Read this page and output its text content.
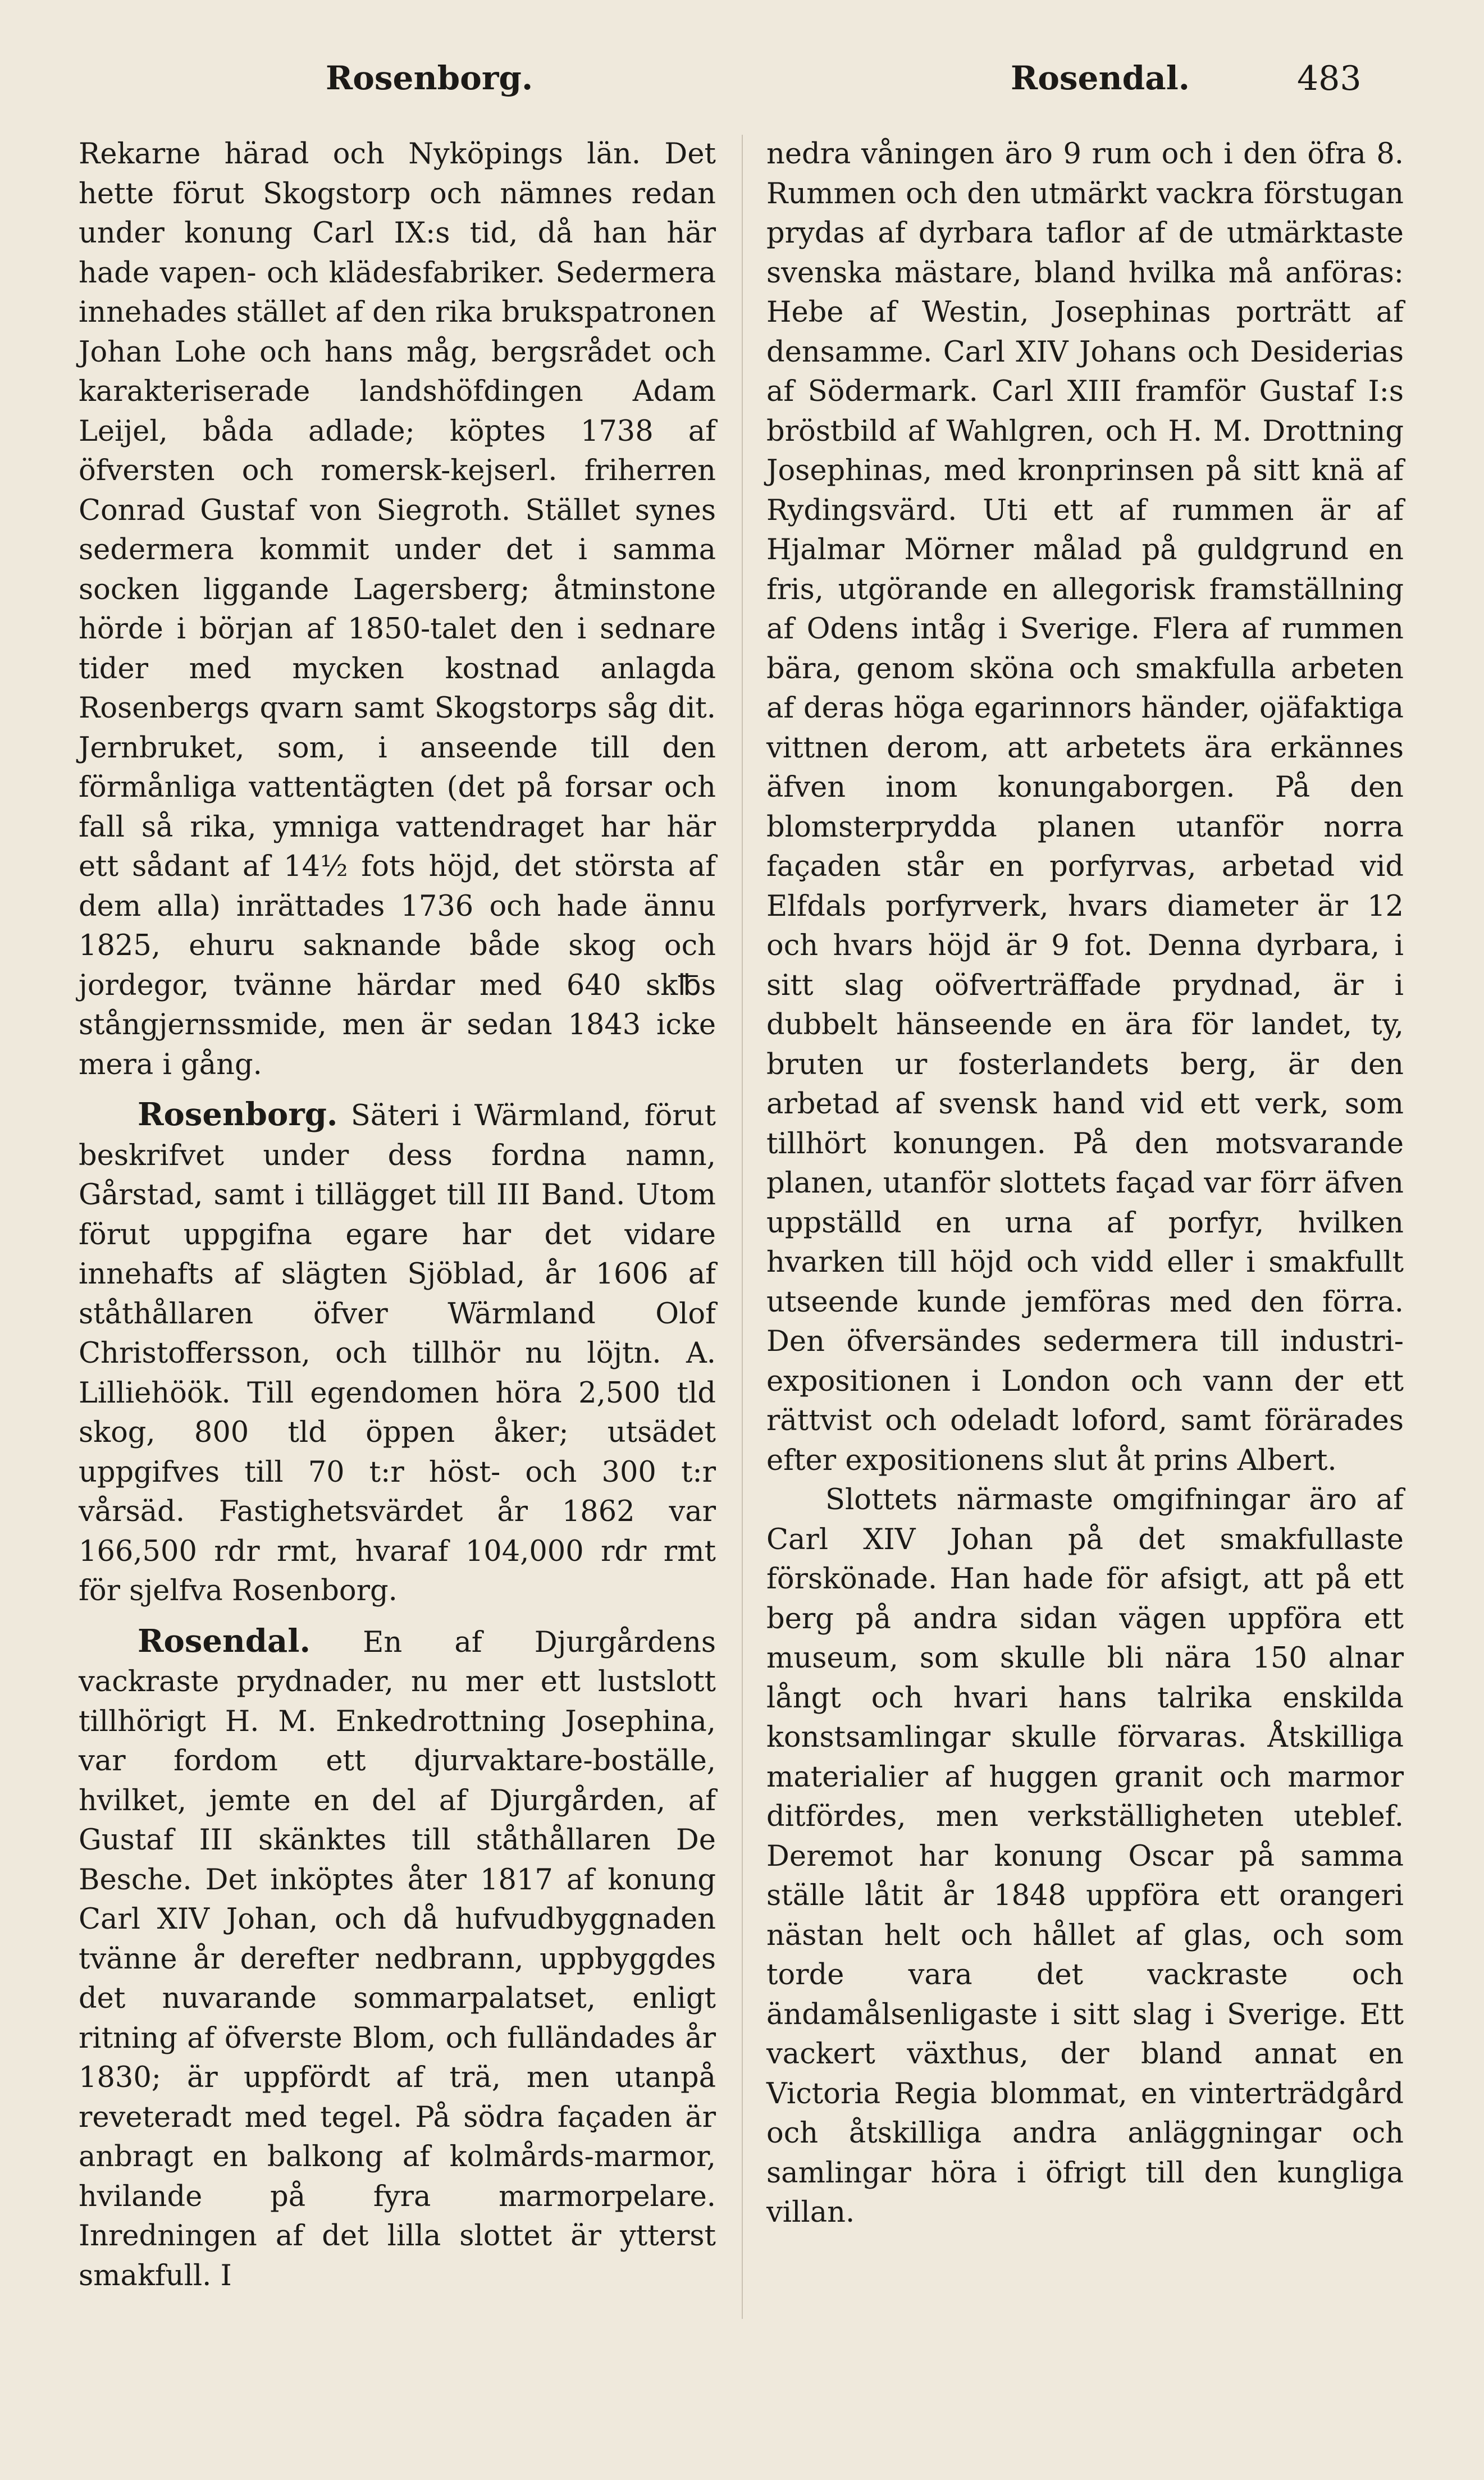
Rosenborg.	Rosendal.	483

Rekarne härad och Nyköpings län. Det hette förut Skogstorp och nämnes redan under konung Carl IX:s tid, då han här hade vapen- och klädesfabriker. Sedermera innehades stället af den rika brukspatronen Johan Lohe och hans måg, bergsrådet och karakteriserade landshöfdingen Adam Leijel, båda adlade; köptes 1738 af öfversten och romersk-kejserl. friherren Conrad Gustaf von Siegroth. Stället synes sedermera kommit under det i samma socken liggande Lagersberg; åtminstone hörde i början af 1850-talet den i sednare tider med mycken kostnad anlagda Rosenbergs qvarn samt Skogstorps såg dit. Jernbruket, som, i anseende till den förmånliga vattentägten (det på forsar och fall så rika, ymniga vattendraget har här ett sådant af 14½ fots höjd, det största af dem alla) inrättades 1736 och hade ännu 1825, ehuru saknande både skog och jordegor, tvänne härdar med 640 sk℔s stångjernssmide, men är sedan 1843 icke mera i gång.

Rosenborg. Säteri i Wärmland, förut beskrifvet under dess fordna namn, Gårstad, samt i tillägget till III Band. Utom förut uppgifna egare har det vidare innehafts af slägten Sjöblad, år 1606 af ståthållaren öfver Wärmland Olof Christoffersson, och tillhör nu löjtn. A. Lilliehöök. Till egendomen höra 2,500 tld skog, 800 tld öppen åker; utsädet uppgifves till 70 t:r höst- och 300 t:r vårsäd. Fastighetsvärdet år 1862 var 166,500 rdr rmt, hvaraf 104,000 rdr rmt för sjelfva Rosenborg.

Rosendal. En af Djurgårdens vackraste prydnader, nu mer ett lustslott tillhörigt H. M. Enkedrottning Josephina, var fordom ett djurvaktare-boställe, hvilket, jemte en del af Djurgården, af Gustaf III skänktes till ståthållaren De Besche. Det inköptes åter 1817 af konung Carl XIV Johan, och då hufvudbyggnaden tvänne år derefter nedbrann, uppbyggdes det nuvarande sommarpalatset, enligt ritning af öfverste Blom, och fulländades år 1830; är uppfördt af trä, men utanpå reveteradt med tegel. På södra façaden är anbragt en balkong af kolmårds-marmor, hvilande på fyra marmorpelare. Inredningen af det lilla slottet är ytterst smakfull. I

nedra våningen äro 9 rum och i den öfra 8. Rummen och den utmärkt vackra förstugan prydas af dyrbara taflor af de utmärktaste svenska mästare, bland hvilka må anföras: Hebe af Westin, Josephinas porträtt af densamme. Carl XIV Johans och Desiderias af Södermark. Carl XIII framför Gustaf I:s bröstbild af Wahlgren, och H. M. Drottning Josephinas, med kronprinsen på sitt knä af Rydingsvärd. Uti ett af rummen är af Hjalmar Mörner målad på guldgrund en fris, utgörande en allegorisk framställning af Odens intåg i Sverige. Flera af rummen bära, genom sköna och smakfulla arbeten af deras höga egarinnors händer, ojäfaktiga vittnen derom, att arbetets ära erkännes äfven inom konungaborgen. På den blomsterprydda planen utanför norra façaden står en porfyrvas, arbetad vid Elfdals porfyrverk, hvars diameter är 12 och hvars höjd är 9 fot. Denna dyrbara, i sitt slag oöfverträffade prydnad, är i dubbelt hänseende en ära för landet, ty, bruten ur fosterlandets berg, är den arbetad af svensk hand vid ett verk, som tillhört konungen. På den motsvarande planen, utanför slottets façad var förr äfven uppställd en urna af porfyr, hvilken hvarken till höjd och vidd eller i smakfullt utseende kunde jemföras med den förra. Den öfversändes sedermera till industri-expositionen i London och vann der ett rättvist och odeladt loford, samt förärades efter expositionens slut åt prins Albert.

Slottets närmaste omgifningar äro af Carl XIV Johan på det smakfullaste förskönade. Han hade för afsigt, att på ett berg på andra sidan vägen uppföra ett museum, som skulle bli nära 150 alnar långt och hvari hans talrika enskilda konstsamlingar skulle förvaras. Åtskilliga materialier af huggen granit och marmor ditfördes, men verkställigheten uteblef. Deremot har konung Oscar på samma ställe låtit år 1848 uppföra ett orangeri nästan helt och hållet af glas, och som torde vara det vackraste och ändamålsenligaste i sitt slag i Sverige. Ett vackert växthus, der bland annat en Victoria Regia blommat, en vinterträdgård och åtskilliga andra anläggningar och samlingar höra i öfrigt till den kungliga villan.
